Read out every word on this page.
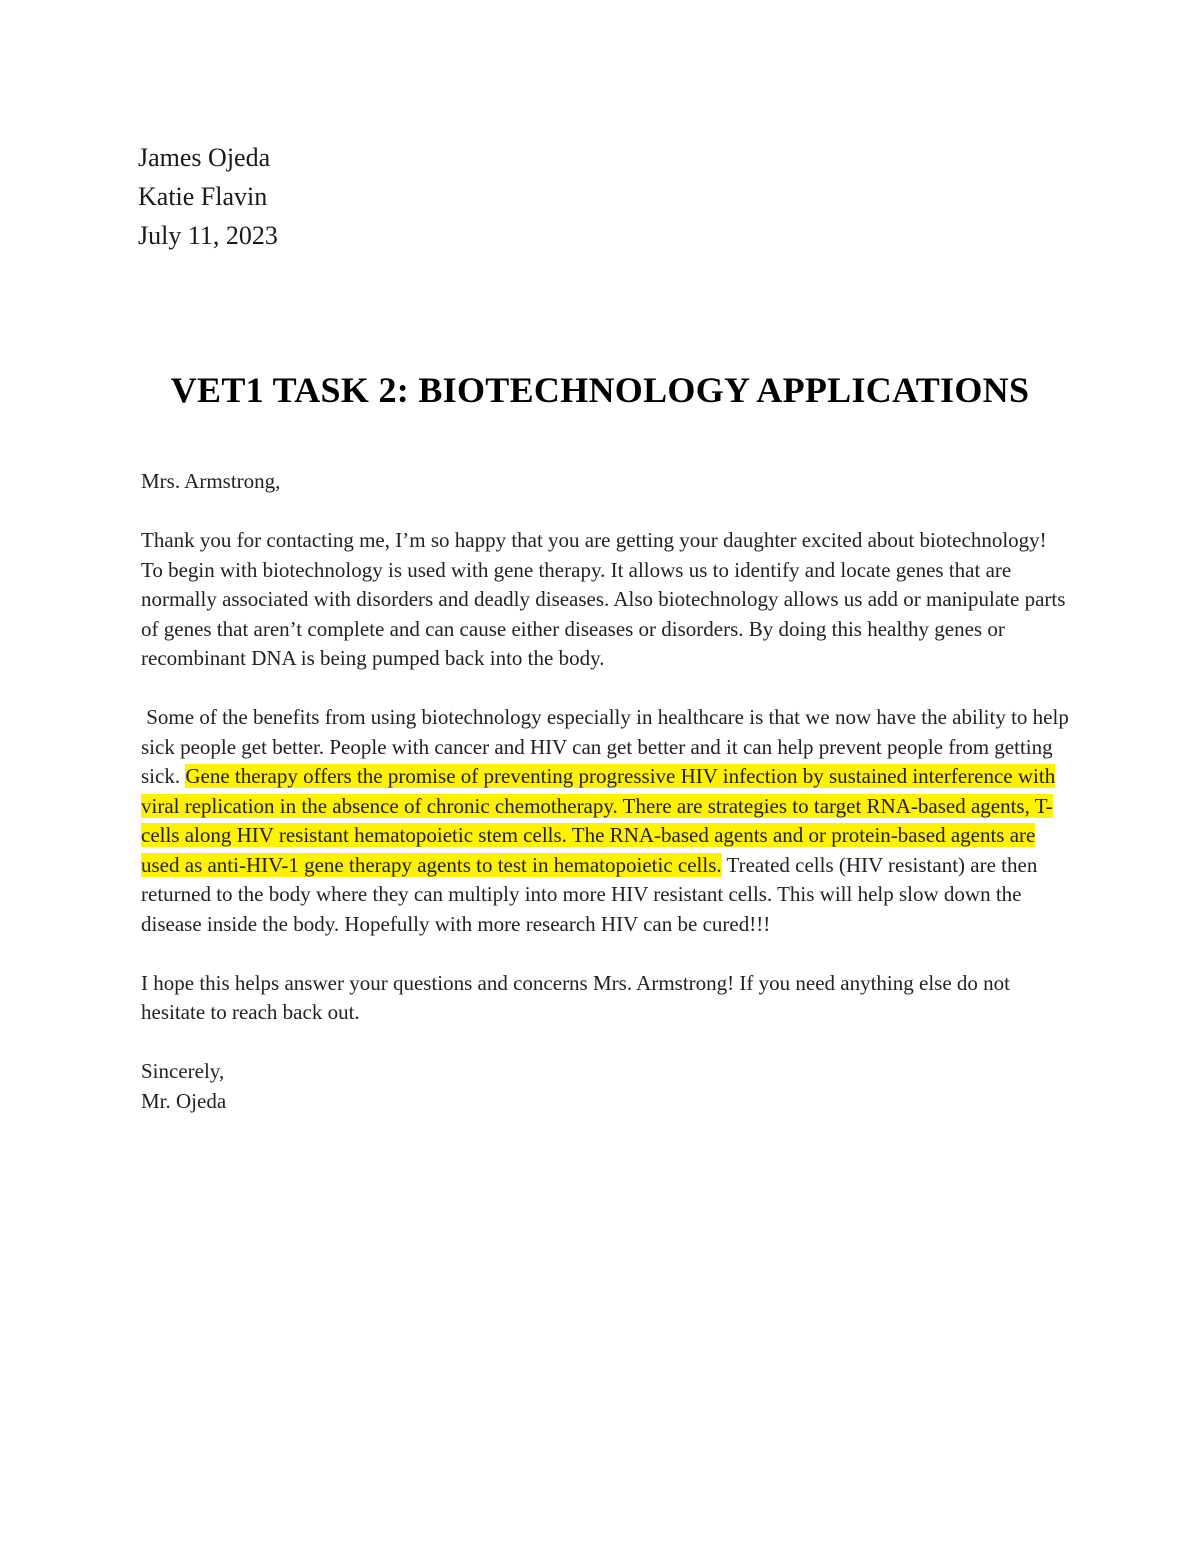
James Ojeda
Katie Flavin
July 11, 2023
VET1 TASK 2: BIOTECHNOLOGY APPLICATIONS

Mrs. Armstrong,

Thank you for contacting me, I’m so happy that you are getting your daughter excited about biotechnology! To begin with biotechnology is used with gene therapy. It allows us to identify and locate genes that are normally associated with disorders and deadly diseases. Also biotechnology allows us add or manipulate parts of genes that aren’t complete and can cause either diseases or disorders. By doing this healthy genes or recombinant DNA is being pumped back into the body.

Some of the benefits from using biotechnology especially in healthcare is that we now have the ability to help sick people get better. People with cancer and HIV can get better and it can help prevent people from getting sick. Gene therapy offers the promise of preventing progressive HIV infection by sustained interference with viral replication in the absence of chronic chemotherapy. There are strategies to target RNA-based agents, T-cells along HIV resistant hematopoietic stem cells. The RNA-based agents and or protein-based agents are used as anti-HIV-1 gene therapy agents to test in hematopoietic cells. Treated cells (HIV resistant) are then returned to the body where they can multiply into more HIV resistant cells. This will help slow down the disease inside the body. Hopefully with more research HIV can be cured!!!

I hope this helps answer your questions and concerns Mrs. Armstrong! If you need anything else do not hesitate to reach back out.

Sincerely,

Mr. Ojeda
